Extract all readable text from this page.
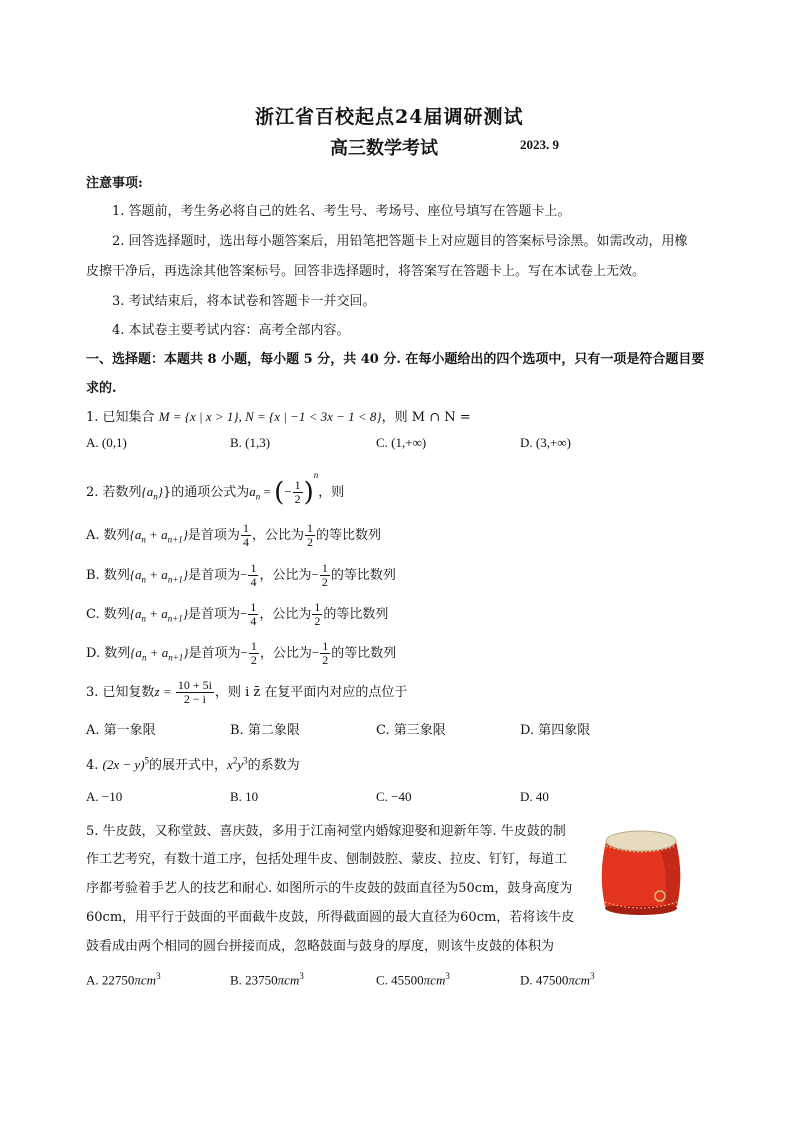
浙江省百校起点24届调研测试
高三数学考试	2023. 9
注意事项:
1. 答题前，考生务必将自己的姓名、考生号、考场号、座位号填写在答题卡上。
2. 回答选择题时，选出每小题答案后，用铅笔把答题卡上对应题目的答案标号涂黑。如需改动，用橡
皮擦干净后，再选涂其他答案标号。回答非选择题时，将答案写在答题卡上。写在本试卷上无效。
3. 考试结束后，将本试卷和答题卡一并交回。
4. 本试卷主要考试内容：高考全部内容。
一、选择题：本题共 8 小题，每小题 5 分，共 40 分. 在每小题给出的四个选项中，只有一项是符合题目要
求的.
1. 已知集合 M = {x | x > 1}, N = {x | −1 < 3x − 1 < 8}，则 M ∩ N =
A. (0,1)	B. (1,3)	C. (1,+∞)	D. (3,+∞)
2. 若数列$\{a_n\}$}的通项公式为$a_n$ = (− $\frac{1}{2} )^n$，则
A. 数列$\{a_n + a_{n+1}\}$是首项为 $\frac{1}{4}$ ，公比为 $\frac{1}{2}$ 的等比数列
B. 数列$\{a_n + a_{n+1}\}$是首项为− $\frac{1}{4}$ ，公比为− $\frac{1}{2}$ 的等比数列
C. 数列$\{a_n + a_{n+1}\}$是首项为− $\frac{1}{4}$ ，公比为 $\frac{1}{2}$ 的等比数列
D. 数列$\{a_n + a_{n+1}\}$是首项为− $\frac{1}{2}$ ，公比为− $\frac{1}{2}$ 的等比数列
3. 已知复数$z = \frac{10 + 5i}{2 - i}$ ，则 i z̄ 在复平面内对应的点位于
A. 第一象限	B. 第二象限	C. 第三象限	D. 第四象限
4. $(2x - y)^5$的展开式中，$x^2y^3$的系数为
A. −10	B. 10	C. −40	D. 40
5. 牛皮鼓，又称堂鼓、喜庆鼓，多用于江南祠堂内婚嫁迎娶和迎新年等. 牛皮鼓的制
作工艺考究，有数十道工序，包括处理牛皮、刨制鼓腔、蒙皮、拉皮、钉钉，每道工
序都考验着手艺人的技艺和耐心. 如图所示的牛皮鼓的鼓面直径为50cm，鼓身高度为
60cm，用平行于鼓面的平面截牛皮鼓，所得截面圆的最大直径为60cm，若将该牛皮
鼓看成由两个相同的圆台拼接而成，忽略鼓面与鼓身的厚度，则该牛皮鼓的体积为
A. 22750πcm$^3$	B. 23750πcm$^3$	C. 45500πcm$^3$	D. 47500πcm$^3$
